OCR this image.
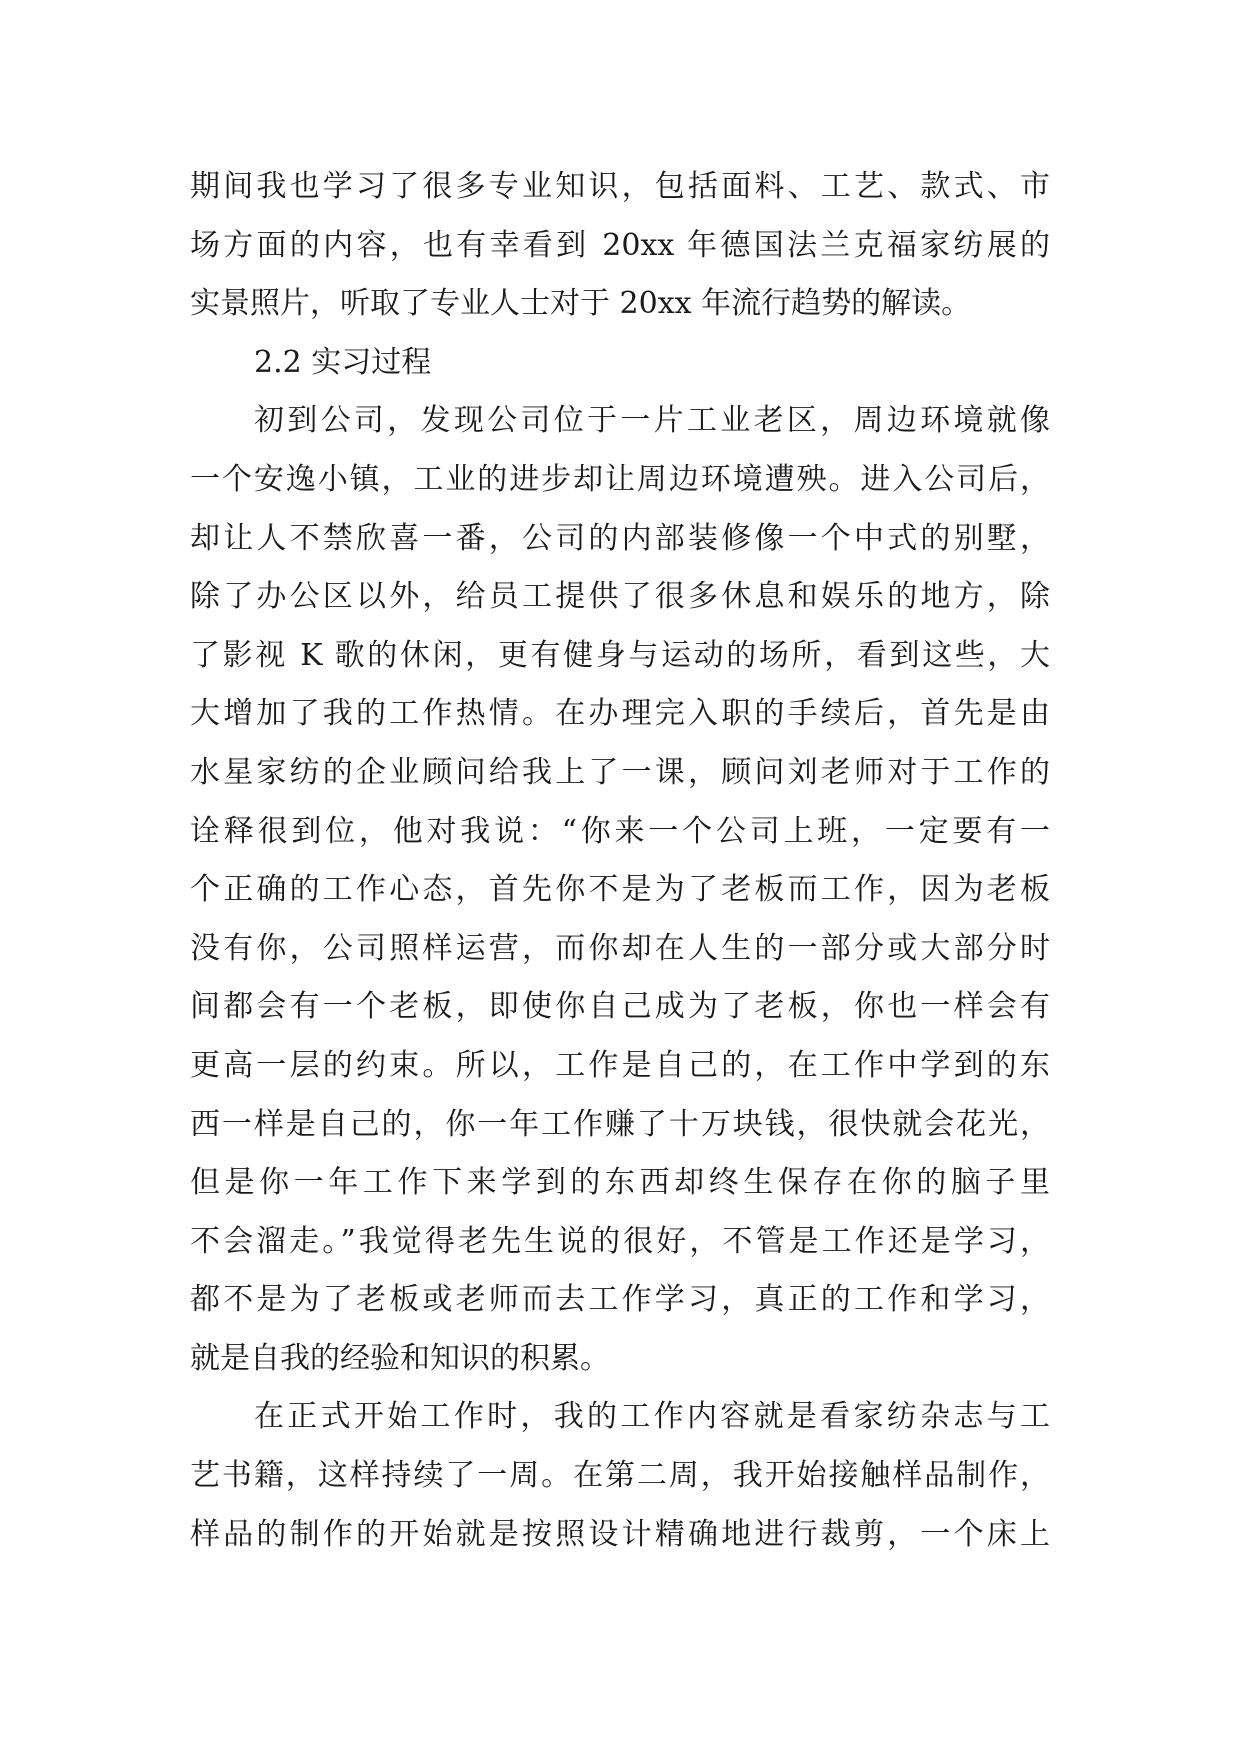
期间我也学习了很多专业知识，包括面料、工艺、款式、市
场方面的内容，也有幸看到 20xx 年德国法兰克福家纺展的
实景照片，听取了专业人士对于 20xx 年流行趋势的解读。
2.2 实习过程
初到公司，发现公司位于一片工业老区，周边环境就像
一个安逸小镇，工业的进步却让周边环境遭殃。进入公司后，
却让人不禁欣喜一番，公司的内部装修像一个中式的别墅，
除了办公区以外，给员工提供了很多休息和娱乐的地方，除
了影视 K 歌的休闲，更有健身与运动的场所，看到这些，大
大增加了我的工作热情。在办理完入职的手续后，首先是由
水星家纺的企业顾问给我上了一课，顾问刘老师对于工作的
诠释很到位，他对我说：“你来一个公司上班，一定要有一
个正确的工作心态，首先你不是为了老板而工作，因为老板
没有你，公司照样运营，而你却在人生的一部分或大部分时
间都会有一个老板，即使你自己成为了老板，你也一样会有
更高一层的约束。所以，工作是自己的，在工作中学到的东
西一样是自己的，你一年工作赚了十万块钱，很快就会花光，
但是你一年工作下来学到的东西却终生保存在你的脑子里
不会溜走。”我觉得老先生说的很好，不管是工作还是学习，
都不是为了老板或老师而去工作学习，真正的工作和学习，
就是自我的经验和知识的积累。
在正式开始工作时，我的工作内容就是看家纺杂志与工
艺书籍，这样持续了一周。在第二周，我开始接触样品制作，
样品的制作的开始就是按照设计精确地进行裁剪，一个床上
